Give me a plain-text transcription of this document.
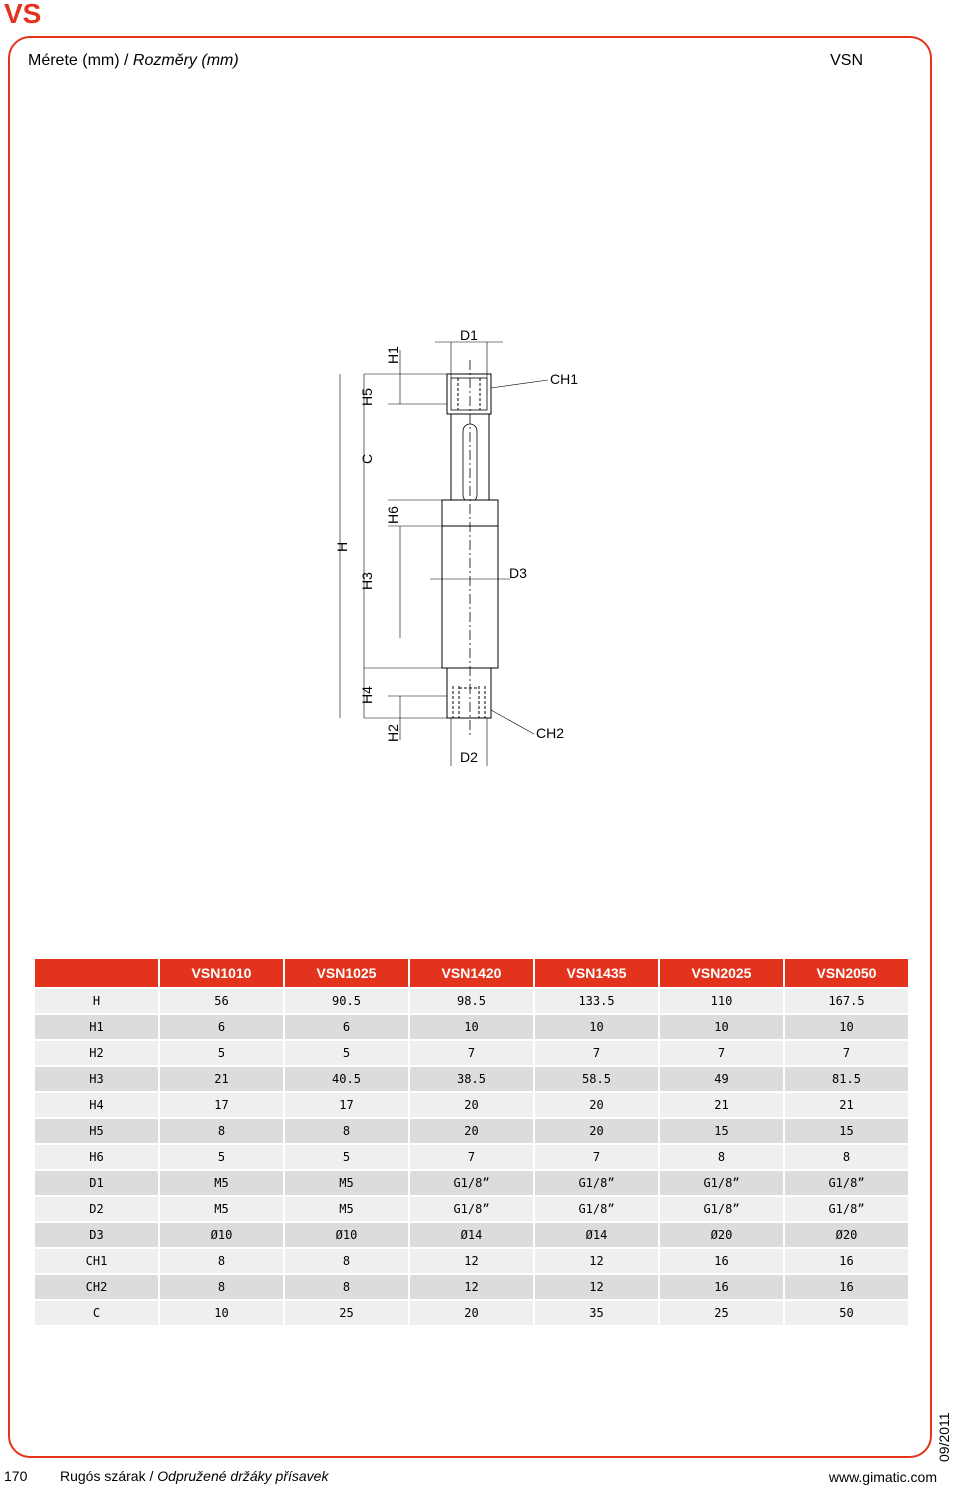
VS
Mérete (mm) / Rozměry (mm)	VSN
D1
CH1
D3
CH2
D2
H1
H5
C
H6
H
H3
H4
H2
	VSN1010	VSN1025	VSN1420	VSN1435	VSN2025	VSN2050
H	56	90.5	98.5	133.5	110	167.5
H1	6	6	10	10	10	10
H2	5	5	7	7	7	7
H3	21	40.5	38.5	58.5	49	81.5
H4	17	17	20	20	21	21
H5	8	8	20	20	15	15
H6	5	5	7	7	8	8
D1	M5	M5	G1/8”	G1/8”	G1/8”	G1/8”
D2	M5	M5	G1/8”	G1/8”	G1/8”	G1/8”
D3	Ø10	Ø10	Ø14	Ø14	Ø20	Ø20
CH1	8	8	12	12	16	16
CH2	8	8	12	12	16	16
C	10	25	20	35	25	50
09/2011
170 Rugós szárak / Odpružené držáky přísavek	www.gimatic.com
